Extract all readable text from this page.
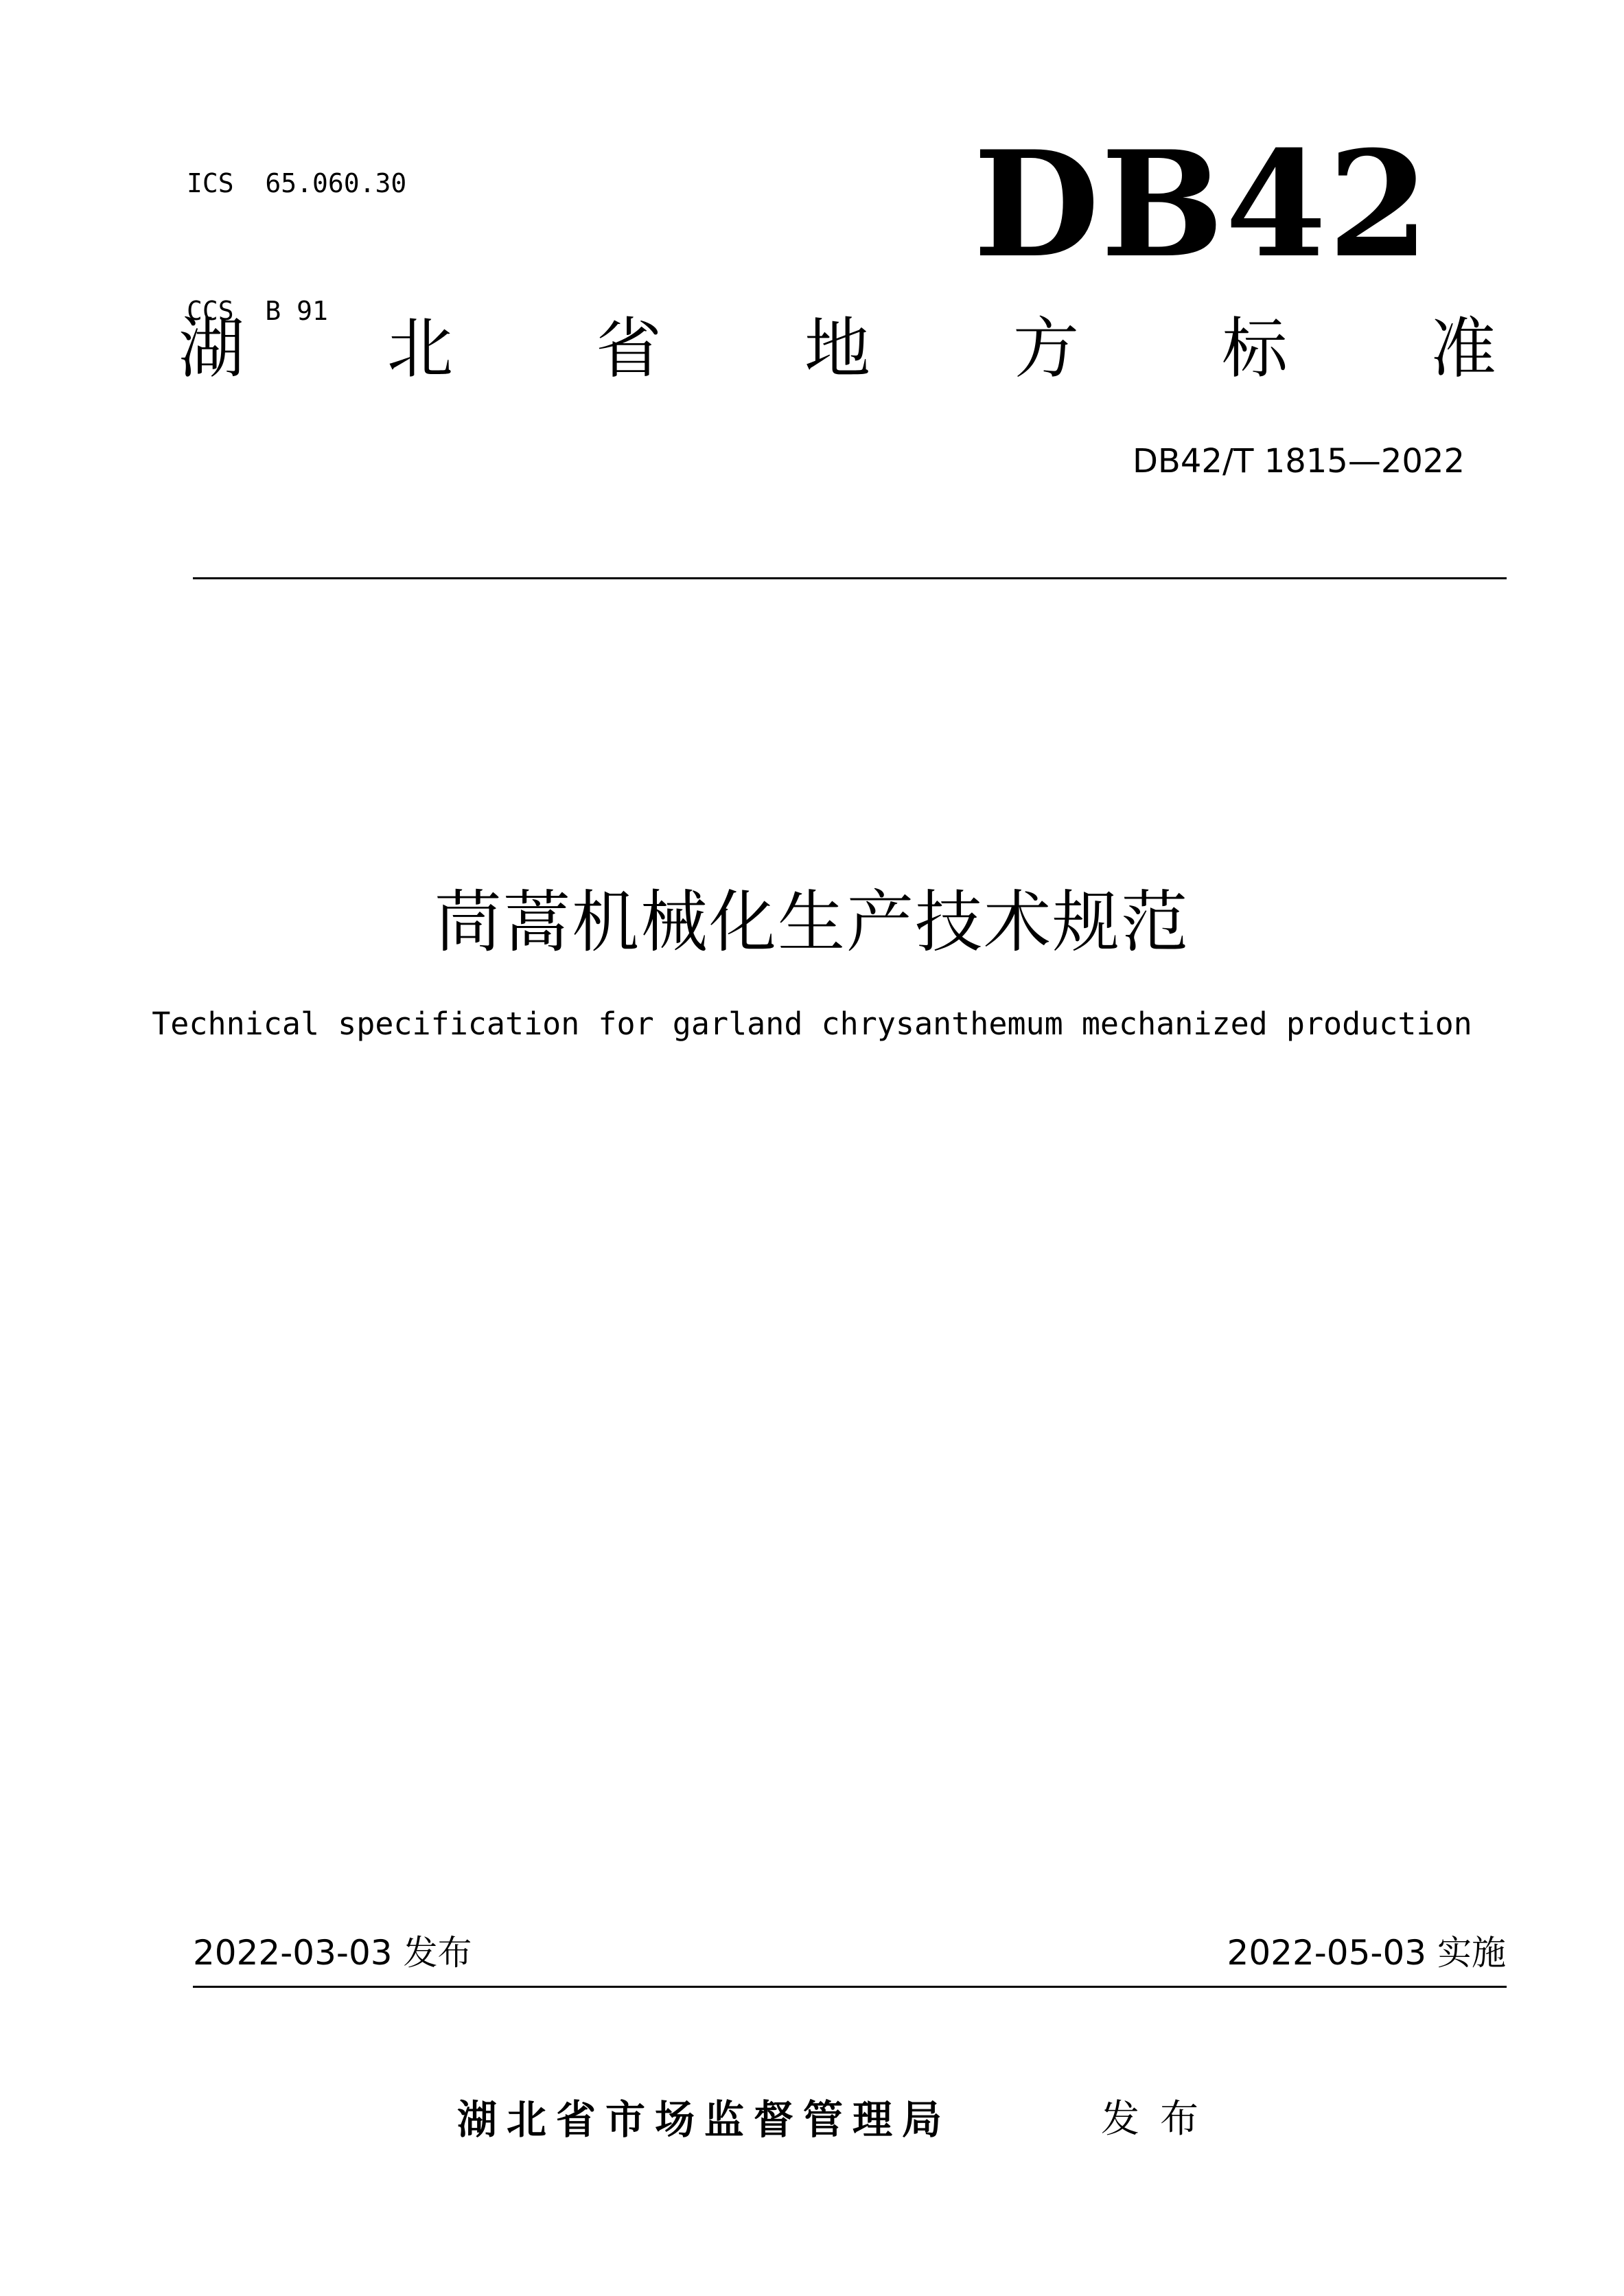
ICS  65.060.30

CCS  B 91

DB42
湖 北 省 地 方 标 准
DB42/T 1815—2022
茼蒿机械化生产技术规范
Technical specification for garland chrysanthemum mechanized production
2022-03-03 发布	2022-05-03 实施
湖北省市场监督管理局	发布
